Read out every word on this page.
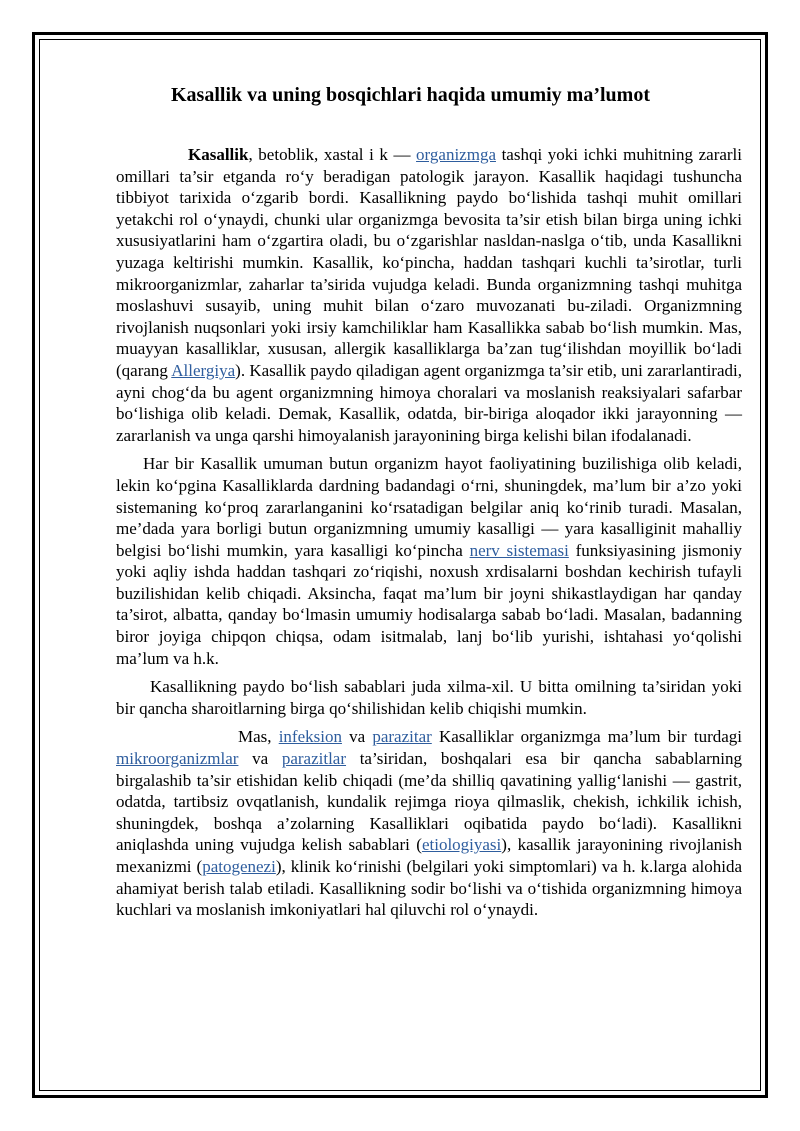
Kasallik va uning bosqichlari haqida umumiy ma’lumot

Kasallik, betoblik, xastal i k — organizmga tashqi yoki ichki muhitning zararli omillari ta’sir etganda ro‘y beradigan patologik jarayon. Kasallik haqidagi tushuncha tibbiyot tarixida o‘zgarib bordi. Kasallikning paydo bo‘lishida tashqi muhit omillari yetakchi rol o‘ynaydi, chunki ular organizmga bevosita ta’sir etish bilan birga uning ichki xususiyatlarini ham o‘zgartira oladi, bu o‘zgarishlar nasldan-naslga o‘tib, unda Kasallikni yuzaga keltirishi mumkin. Kasallik, ko‘pincha, haddan tashqari kuchli ta’sirotlar, turli mikroorganizmlar, zaharlar ta’sirida vujudga keladi. Bunda organizmning tashqi muhitga moslashuvi susayib, uning muhit bilan o‘zaro muvozanati bu-ziladi. Organizmning rivojlanish nuqsonlari yoki irsiy kamchiliklar ham Kasallikka sabab bo‘lish mumkin. Mas, muayyan kasalliklar, xususan, allergik kasalliklarga ba’zan tug‘ilishdan moyillik bo‘ladi (qarang Allergiya). Kasallik paydo qiladigan agent organizmga ta’sir etib, uni zararlantiradi, ayni chog‘da bu agent organizmning himoya choralari va moslanish reaksiyalari safarbar bo‘lishiga olib keladi. Demak, Kasallik, odatda, bir-biriga aloqador ikki jarayonning — zararlanish va unga qarshi himoyalanish jarayonining birga kelishi bilan ifodalanadi.

Har bir Kasallik umuman butun organizm hayot faoliyatining buzilishiga olib keladi, lekin ko‘pgina Kasalliklarda dardning badandagi o‘rni, shuningdek, ma’lum bir a’zo yoki sistemaning ko‘proq zararlanganini ko‘rsatadigan belgilar aniq ko‘rinib turadi. Masalan, me’dada yara borligi butun organizmning umumiy kasalligi — yara kasalliginit mahalliy belgisi bo‘lishi mumkin, yara kasalligi ko‘pincha nerv sistemasi funksiyasining jismoniy yoki aqliy ishda haddan tashqari zo‘riqishi, noxush xrdisalarni boshdan kechirish tufayli buzilishidan kelib chiqadi. Aksincha, faqat ma’lum bir joyni shikastlaydigan har qanday ta’sirot, albatta, qanday bo‘lmasin umumiy hodisalarga sabab bo‘ladi. Masalan, badanning biror joyiga chipqon chiqsa, odam isitmalab, lanj bo‘lib yurishi, ishtahasi yo‘qolishi ma’lum va h.k.

Kasallikning paydo bo‘lish sabablari juda xilma-xil. U bitta omilning ta’siridan yoki bir qancha sharoitlarning birga qo‘shilishidan kelib chiqishi mumkin.

Mas, infeksion va parazitar Kasalliklar organizmga ma’lum bir turdagi mikroorganizmlar va parazitlar ta’siridan, boshqalari esa bir qancha sabablarning birgalashib ta’sir etishidan kelib chiqadi (me’da shilliq qavatining yallig‘lanishi — gastrit, odatda, tartibsiz ovqatlanish, kundalik rejimga rioya qilmaslik, chekish, ichkilik ichish, shuningdek, boshqa a’zolarning Kasalliklari oqibatida paydo bo‘ladi). Kasallikni aniqlashda uning vujudga kelish sabablari (etiologiyasi), kasallik jarayonining rivojlanish mexanizmi (patogenezi), klinik ko‘rinishi (belgilari yoki simptomlari) va h. k.larga alohida ahamiyat berish talab etiladi. Kasallikning sodir bo‘lishi va o‘tishida organizmning himoya kuchlari va moslanish imkoniyatlari hal qiluvchi rol o‘ynaydi.
